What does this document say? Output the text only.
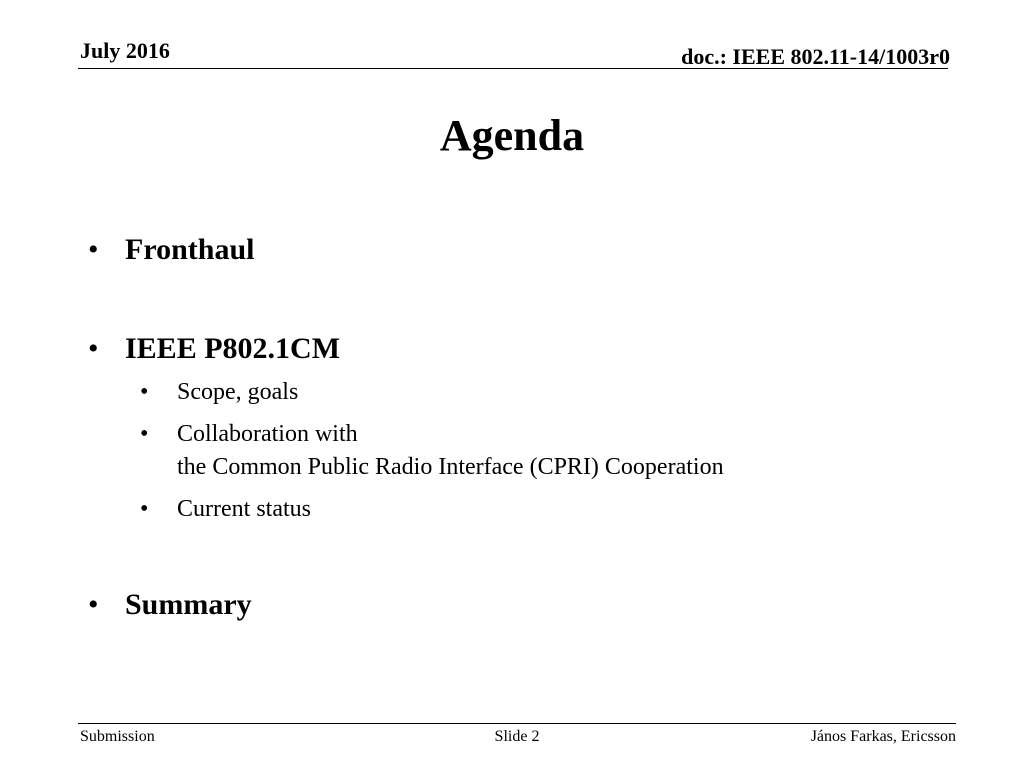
July 2016	doc.: IEEE 802.11-14/1003r0
Agenda
• Fronthaul
• IEEE P802.1CM
• Scope, goals
• Collaboration with
the Common Public Radio Interface (CPRI) Cooperation
• Current status
• Summary
Submission	Slide 2	János Farkas, Ericsson
